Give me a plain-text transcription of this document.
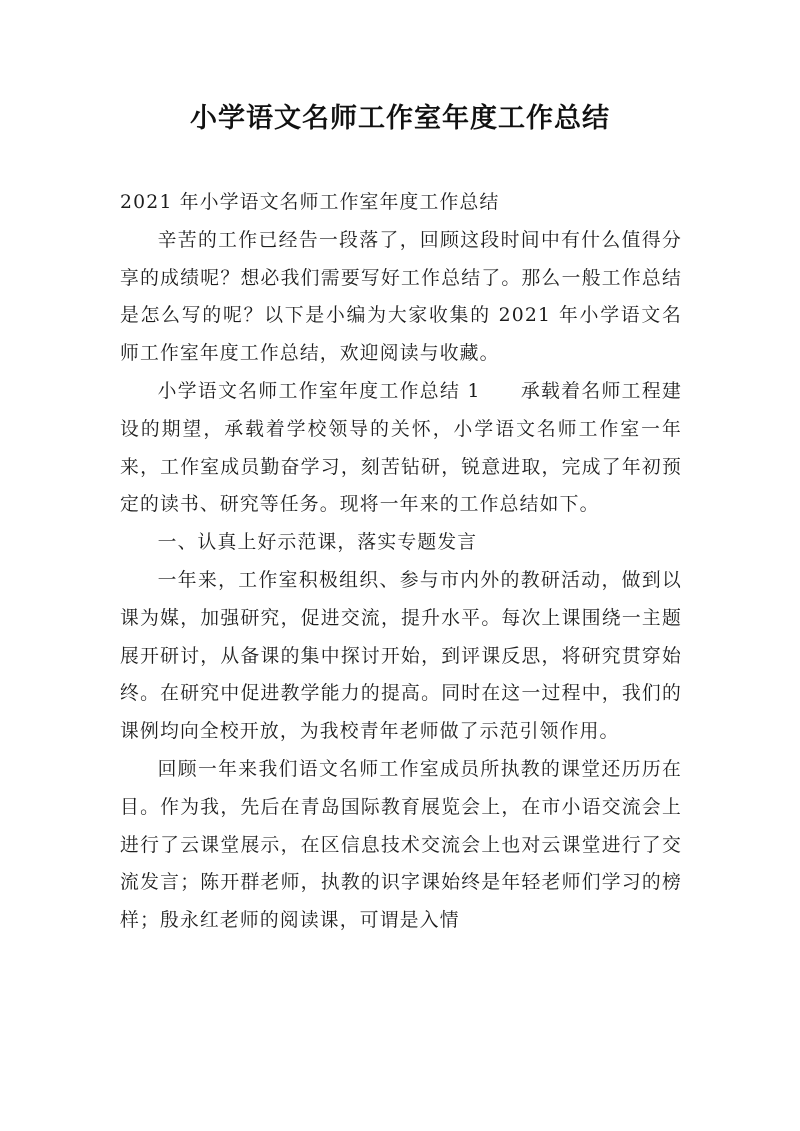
小学语文名师工作室年度工作总结

2021 年小学语文名师工作室年度工作总结

辛苦的工作已经告一段落了，回顾这段时间中有什么值得分享的成绩呢？想必我们需要写好工作总结了。那么一般工作总结是怎么写的呢？以下是小编为大家收集的 2021 年小学语文名师工作室年度工作总结，欢迎阅读与收藏。

小学语文名师工作室年度工作总结 1 承载着名师工程建设的期望，承载着学校领导的关怀，小学语文名师工作室一年来，工作室成员勤奋学习，刻苦钻研，锐意进取，完成了年初预定的读书、研究等任务。现将一年来的工作总结如下。

一、认真上好示范课，落实专题发言

一年来，工作室积极组织、参与市内外的教研活动，做到以课为媒，加强研究，促进交流，提升水平。每次上课围绕一主题展开研讨，从备课的集中探讨开始，到评课反思，将研究贯穿始终。在研究中促进教学能力的提高。同时在这一过程中，我们的课例均向全校开放，为我校青年老师做了示范引领作用。

回顾一年来我们语文名师工作室成员所执教的课堂还历历在目。作为我，先后在青岛国际教育展览会上，在市小语交流会上进行了云课堂展示，在区信息技术交流会上也对云课堂进行了交流发言；陈开群老师，执教的识字课始终是年轻老师们学习的榜样；殷永红老师的阅读课，可谓是入情
